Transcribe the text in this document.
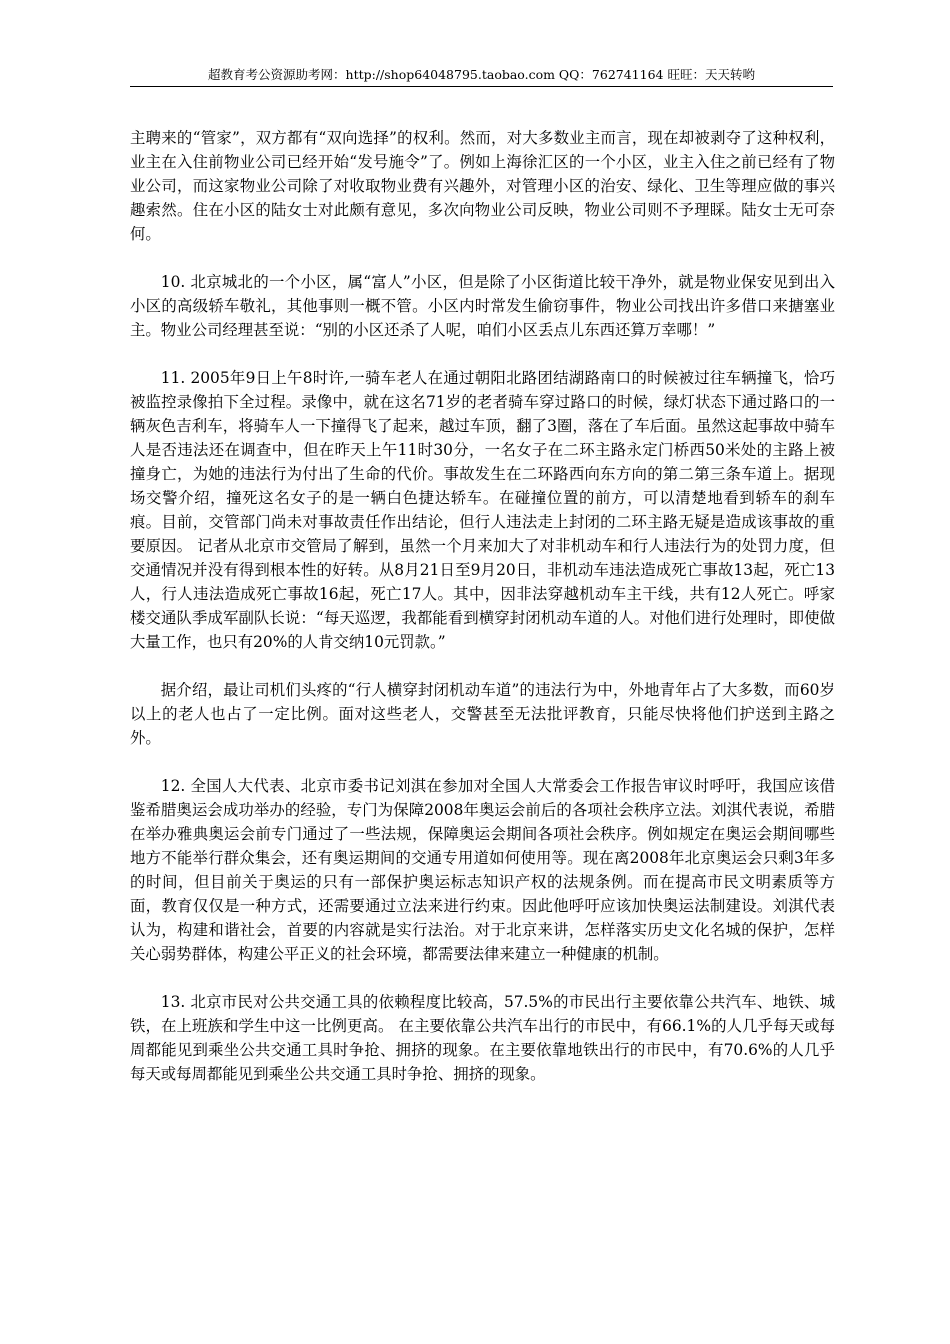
超教育考公资源助考网：http://shop64048795.taobao.com QQ：762741164 旺旺：天天转哟

主聘来的“管家”，双方都有“双向选择”的权利。然而，对大多数业主而言，现在却被剥夺了这种权利，业主在入住前物业公司已经开始“发号施令”了。例如上海徐汇区的一个小区，业主入住之前已经有了物业公司，而这家物业公司除了对收取物业费有兴趣外，对管理小区的治安、绿化、卫生等理应做的事兴趣索然。住在小区的陆女士对此颇有意见，多次向物业公司反映，物业公司则不予理睬。陆女士无可奈何。

10. 北京城北的一个小区，属“富人”小区，但是除了小区街道比较干净外，就是物业保安见到出入小区的高级轿车敬礼，其他事则一概不管。小区内时常发生偷窃事件，物业公司找出许多借口来搪塞业主。物业公司经理甚至说：“别的小区还杀了人呢，咱们小区丢点儿东西还算万幸哪！”

11. 2005年9日上午8时许,一骑车老人在通过朝阳北路团结湖路南口的时候被过往车辆撞飞，恰巧被监控录像拍下全过程。录像中，就在这名71岁的老者骑车穿过路口的时候，绿灯状态下通过路口的一辆灰色吉利车，将骑车人一下撞得飞了起来，越过车顶，翻了3圈，落在了车后面。虽然这起事故中骑车人是否违法还在调查中，但在昨天上午11时30分，一名女子在二环主路永定门桥西50米处的主路上被撞身亡，为她的违法行为付出了生命的代价。事故发生在二环路西向东方向的第二第三条车道上。据现场交警介绍，撞死这名女子的是一辆白色捷达轿车。在碰撞位置的前方，可以清楚地看到轿车的刹车痕。目前，交管部门尚未对事故责任作出结论，但行人违法走上封闭的二环主路无疑是造成该事故的重要原因。 记者从北京市交管局了解到，虽然一个月来加大了对非机动车和行人违法行为的处罚力度，但交通情况并没有得到根本性的好转。从8月21日至9月20日，非机动车违法造成死亡事故13起，死亡13人，行人违法造成死亡事故16起，死亡17人。其中，因非法穿越机动车主干线，共有12人死亡。呼家楼交通队季成军副队长说：“每天巡逻，我都能看到横穿封闭机动车道的人。对他们进行处理时，即使做大量工作，也只有20%的人肯交纳10元罚款。”

据介绍，最让司机们头疼的“行人横穿封闭机动车道”的违法行为中，外地青年占了大多数，而60岁以上的老人也占了一定比例。面对这些老人，交警甚至无法批评教育，只能尽快将他们护送到主路之外。

12. 全国人大代表、北京市委书记刘淇在参加对全国人大常委会工作报告审议时呼吁，我国应该借鉴希腊奥运会成功举办的经验，专门为保障2008年奥运会前后的各项社会秩序立法。刘淇代表说，希腊在举办雅典奥运会前专门通过了一些法规，保障奥运会期间各项社会秩序。例如规定在奥运会期间哪些地方不能举行群众集会，还有奥运期间的交通专用道如何使用等。现在离2008年北京奥运会只剩3年多的时间，但目前关于奥运的只有一部保护奥运标志知识产权的法规条例。而在提高市民文明素质等方面，教育仅仅是一种方式，还需要通过立法来进行约束。因此他呼吁应该加快奥运法制建设。刘淇代表认为，构建和谐社会，首要的内容就是实行法治。对于北京来讲，怎样落实历史文化名城的保护，怎样关心弱势群体，构建公平正义的社会环境，都需要法律来建立一种健康的机制。

13. 北京市民对公共交通工具的依赖程度比较高，57.5%的市民出行主要依靠公共汽车、地铁、城铁，在上班族和学生中这一比例更高。 在主要依靠公共汽车出行的市民中，有66.1%的人几乎每天或每周都能见到乘坐公共交通工具时争抢、拥挤的现象。在主要依靠地铁出行的市民中，有70.6%的人几乎每天或每周都能见到乘坐公共交通工具时争抢、拥挤的现象。
